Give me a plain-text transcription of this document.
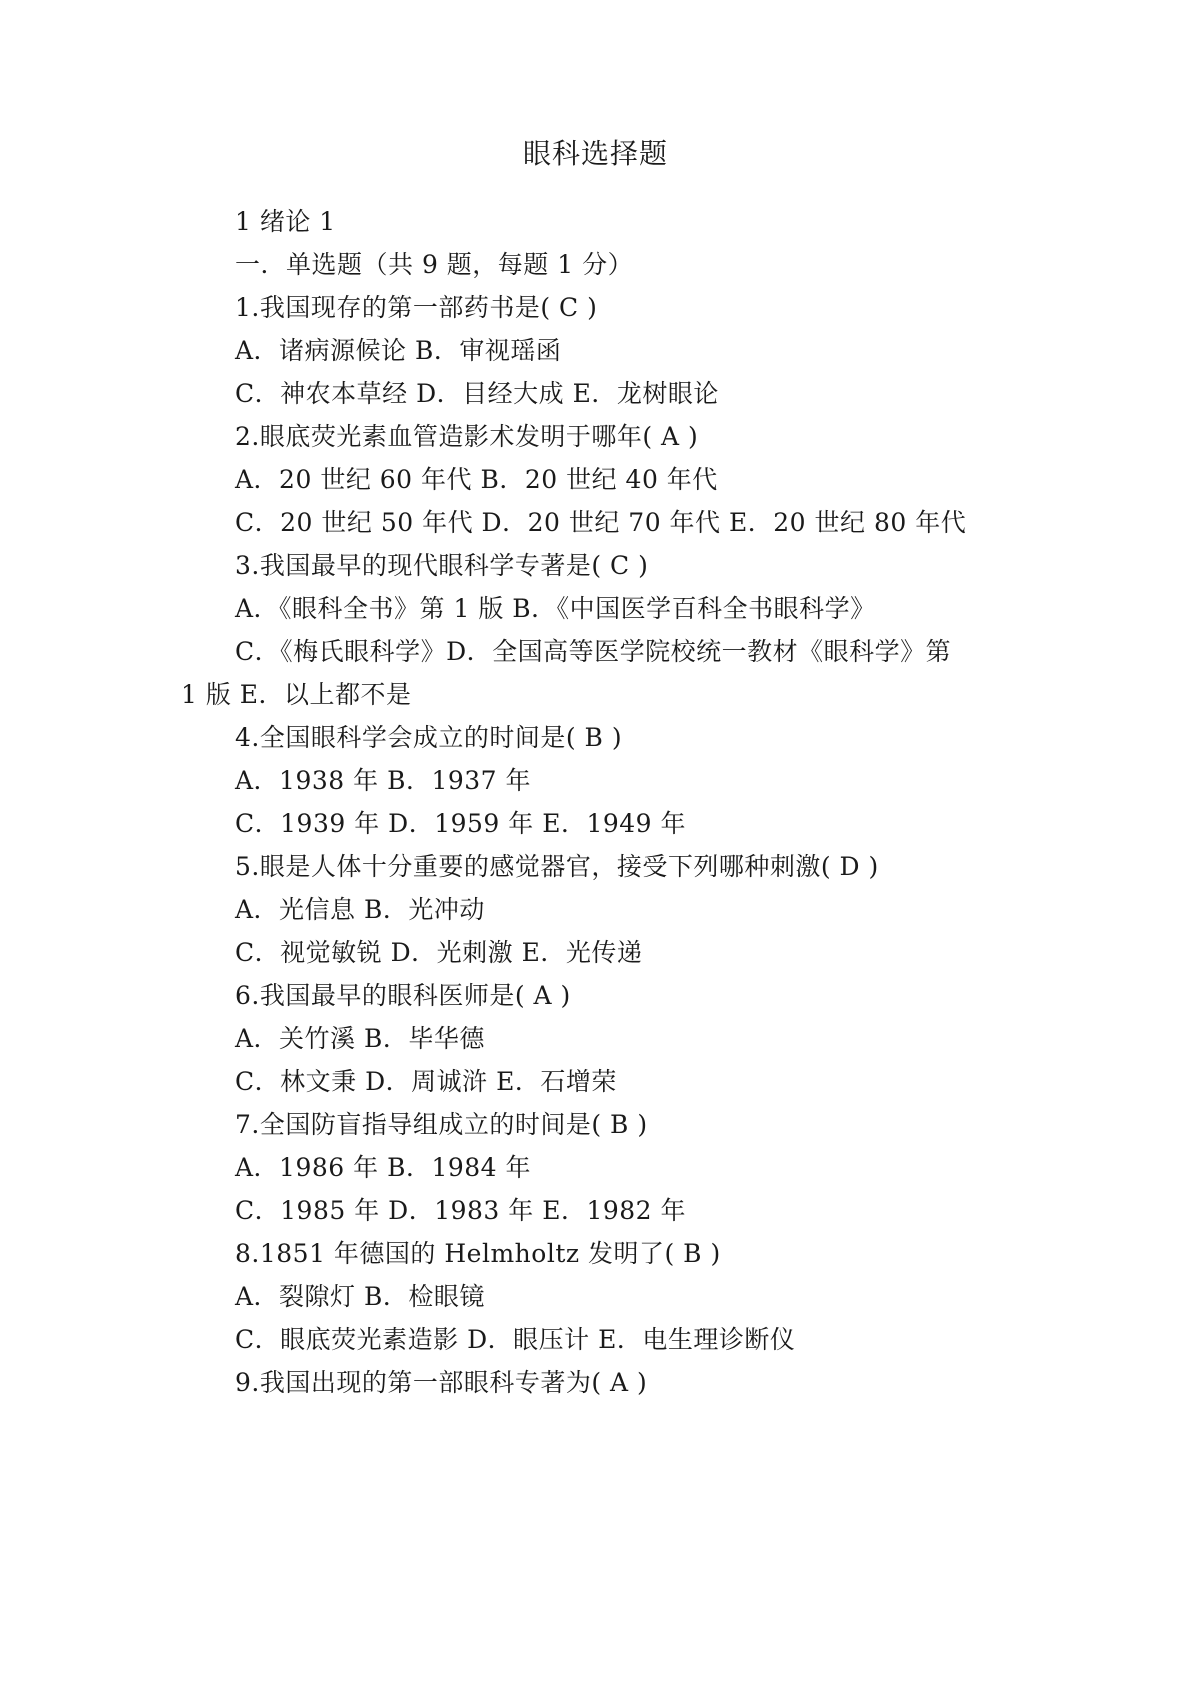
眼科选择题
1 绪论 1
一．单选题（共 9 题，每题 1 分）
1.我国现存的第一部药书是( C )
A．诸病源候论 B．审视瑶函
C．神农本草经 D．目经大成 E．龙树眼论
2.眼底荧光素血管造影术发明于哪年( A )
A．20 世纪 60 年代 B．20 世纪 40 年代
C．20 世纪 50 年代 D．20 世纪 70 年代 E．20 世纪 80 年代
3.我国最早的现代眼科学专著是( C )
A．《眼科全书》第 1 版 B．《中国医学百科全书眼科学》
C．《梅氏眼科学》D．全国高等医学院校统一教材《眼科学》第
1 版 E．以上都不是
4.全国眼科学会成立的时间是( B )
A．1938 年 B．1937 年
C．1939 年 D．1959 年 E．1949 年
5.眼是人体十分重要的感觉器官，接受下列哪种刺激( D )
A．光信息 B．光冲动
C．视觉敏锐 D．光刺激 E．光传递
6.我国最早的眼科医师是( A )
A．关竹溪 B．毕华德
C．林文秉 D．周诚浒 E．石增荣
7.全国防盲指导组成立的时间是( B )
A．1986 年 B．1984 年
C．1985 年 D．1983 年 E．1982 年
8.1851 年德国的 Helmholtz 发明了( B )
A．裂隙灯 B．检眼镜
C．眼底荧光素造影 D．眼压计 E．电生理诊断仪
9.我国出现的第一部眼科专著为( A )
